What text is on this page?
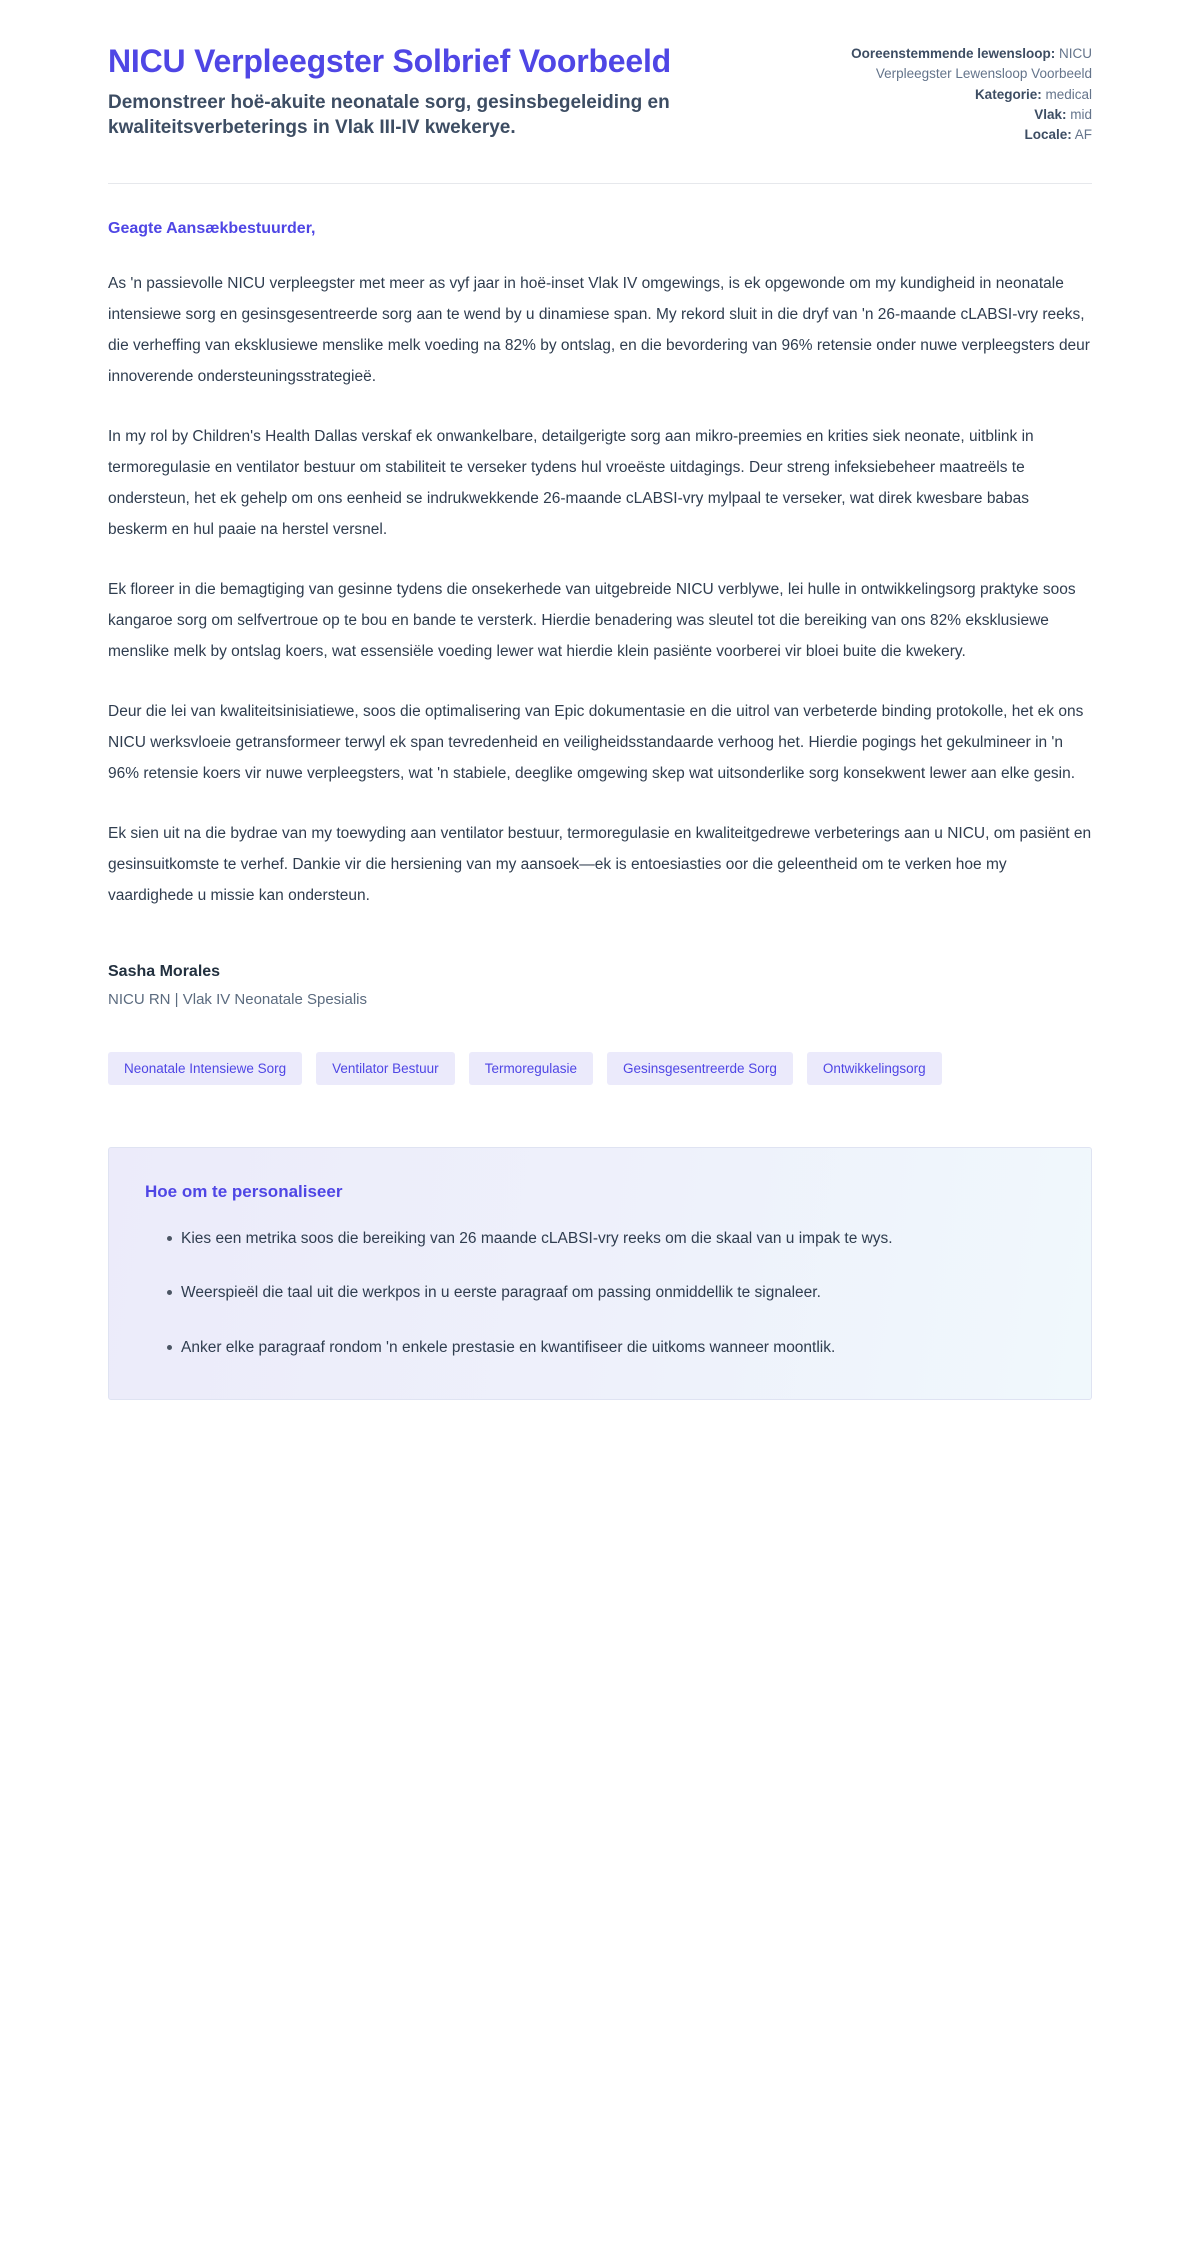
NICU Verpleegster Solbrief Voorbeeld

Demonstreer hoë-akuite neonatale sorg, gesinsbegeleiding en kwaliteitsverbeterings in Vlak III-IV kwekerye.

Ooreenstemmende lewensloop: NICU Verpleegster Lewensloop Voorbeeld
Kategorie: medical
Vlak: mid
Locale: AF

Geagte Aansækbestuurder,

As 'n passievolle NICU verpleegster met meer as vyf jaar in hoë-inset Vlak IV omgewings, is ek opgewonde om my kundigheid in neonatale intensiewe sorg en gesinsgesentreerde sorg aan te wend by u dinamiese span. My rekord sluit in die dryf van 'n 26-maande cLABSI-vry reeks, die verheffing van eksklusiewe menslike melk voeding na 82% by ontslag, en die bevordering van 96% retensie onder nuwe verpleegsters deur innoverende ondersteuningsstrategieë.

In my rol by Children's Health Dallas verskaf ek onwankelbare, detailgerigte sorg aan mikro-preemies en krities siek neonate, uitblink in termoregulasie en ventilator bestuur om stabiliteit te verseker tydens hul vroeëste uitdagings. Deur streng infeksiebeheer maatreëls te ondersteun, het ek gehelp om ons eenheid se indrukwekkende 26-maande cLABSI-vry mylpaal te verseker, wat direk kwesbare babas beskerm en hul paaie na herstel versnel.

Ek floreer in die bemagtiging van gesinne tydens die onsekerhede van uitgebreide NICU verblywe, lei hulle in ontwikkelingsorg praktyke soos kangaroe sorg om selfvertroue op te bou en bande te versterk. Hierdie benadering was sleutel tot die bereiking van ons 82% eksklusiewe menslike melk by ontslag koers, wat essensiële voeding lewer wat hierdie klein pasiënte voorberei vir bloei buite die kwekery.

Deur die lei van kwaliteitsinisiatiewe, soos die optimalisering van Epic dokumentasie en die uitrol van verbeterde binding protokolle, het ek ons NICU werksvloeie getransformeer terwyl ek span tevredenheid en veiligheidsstandaarde verhoog het. Hierdie pogings het gekulmineer in 'n 96% retensie koers vir nuwe verpleegsters, wat 'n stabiele, deeglike omgewing skep wat uitsonderlike sorg konsekwent lewer aan elke gesin.

Ek sien uit na die bydrae van my toewyding aan ventilator bestuur, termoregulasie en kwaliteitgedrewe verbeterings aan u NICU, om pasiënt en gesinsuitkomste te verhef. Dankie vir die hersiening van my aansoek—ek is entoesiasties oor die geleentheid om te verken hoe my vaardighede u missie kan ondersteun.

Sasha Morales

NICU RN | Vlak IV Neonatale Spesialis

Neonatale Intensiewe Sorg	Ventilator Bestuur	Termoregulasie	Gesinsgesentreerde Sorg	Ontwikkelingsorg
Hoe om te personaliseer
Kies een metrika soos die bereiking van 26 maande cLABSI-vry reeks om die skaal van u impak te wys.
Weerspieël die taal uit die werkpos in u eerste paragraaf om passing onmiddellik te signaleer.
Anker elke paragraaf rondom 'n enkele prestasie en kwantifiseer die uitkoms wanneer moontlik.
